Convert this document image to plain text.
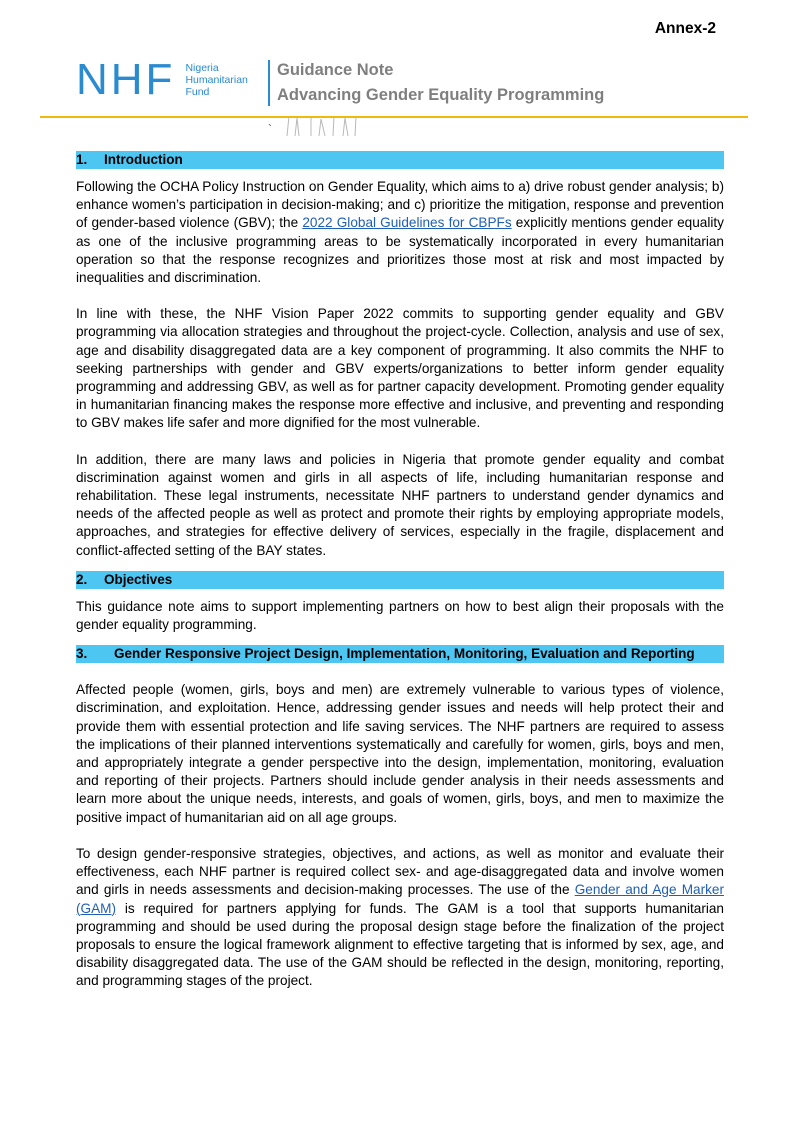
Annex-2
NHF Nigeria
Humanitarian
Fund
Guidance Note
Advancing Gender Equality Programming
`
1.	Introduction

Following the OCHA Policy Instruction on Gender Equality, which aims to a) drive robust gender analysis; b) enhance women’s participation in decision-making; and c) prioritize the mitigation, response and prevention of gender-based violence (GBV); the 2022 Global Guidelines for CBPFs explicitly mentions gender equality as one of the inclusive programming areas to be systematically incorporated in every humanitarian operation so that the response recognizes and prioritizes those most at risk and most impacted by inequalities and discrimination.

In line with these, the NHF Vision Paper 2022 commits to supporting gender equality and GBV programming via allocation strategies and throughout the project-cycle. Collection, analysis and use of sex, age and disability disaggregated data are a key component of programming. It also commits the NHF to seeking partnerships with gender and GBV experts/organizations to better inform gender equality programming and addressing GBV, as well as for partner capacity development. Promoting gender equality in humanitarian financing makes the response more effective and inclusive, and preventing and responding to GBV makes life safer and more dignified for the most vulnerable.

In addition, there are many laws and policies in Nigeria that promote gender equality and combat discrimination against women and girls in all aspects of life, including humanitarian response and rehabilitation. These legal instruments, necessitate NHF partners to understand gender dynamics and needs of the affected people as well as protect and promote their rights by employing appropriate models, approaches, and strategies for effective delivery of services, especially in the fragile, displacement and conflict-affected setting of the BAY states.

2.	Objectives

This guidance note aims to support implementing partners on how to best align their proposals with the gender equality programming.

3.	Gender Responsive Project Design, Implementation, Monitoring, Evaluation and Reporting

Affected people (women, girls, boys and men) are extremely vulnerable to various types of violence, discrimination, and exploitation. Hence, addressing gender issues and needs will help protect their and provide them with essential protection and life saving services. The NHF partners are required to assess the implications of their planned interventions systematically and carefully for women, girls, boys and men, and appropriately integrate a gender perspective into the design, implementation, monitoring, evaluation and reporting of their projects. Partners should include gender analysis in their needs assessments and learn more about the unique needs, interests, and goals of women, girls, boys, and men to maximize the positive impact of humanitarian aid on all age groups.

To design gender-responsive strategies, objectives, and actions, as well as monitor and evaluate their effectiveness, each NHF partner is required collect sex- and age-disaggregated data and involve women and girls in needs assessments and decision-making processes. The use of the Gender and Age Marker (GAM) is required for partners applying for funds. The GAM is a tool that supports humanitarian programming and should be used during the proposal design stage before the finalization of the project proposals to ensure the logical framework alignment to effective targeting that is informed by sex, age, and disability disaggregated data. The use of the GAM should be reflected in the design, monitoring, reporting, and programming stages of the project.
